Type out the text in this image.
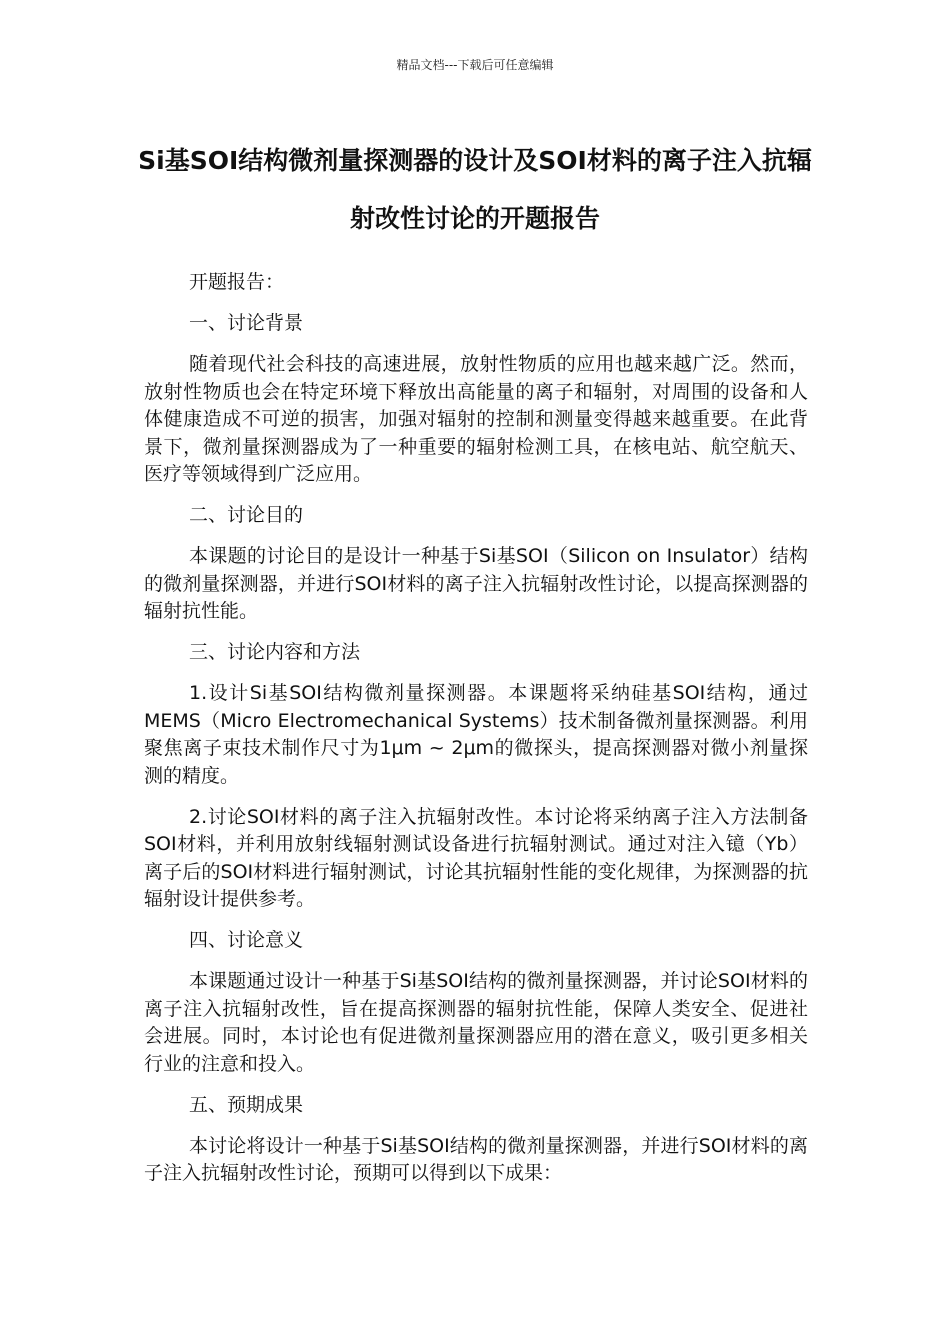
精品文档---下载后可任意编辑
Si基SOI结构微剂量探测器的设计及SOI材料的离子注入抗辐射改性讨论的开题报告

开题报告：

一、讨论背景

随着现代社会科技的高速进展，放射性物质的应用也越来越广泛。然而，放射性物质也会在特定环境下释放出高能量的离子和辐射，对周围的设备和人体健康造成不可逆的损害，加强对辐射的控制和测量变得越来越重要。在此背景下，微剂量探测器成为了一种重要的辐射检测工具，在核电站、航空航天、医疗等领域得到广泛应用。

二、讨论目的

本课题的讨论目的是设计一种基于Si基SOI（Silicon on Insulator）结构的微剂量探测器，并进行SOI材料的离子注入抗辐射改性讨论，以提高探测器的辐射抗性能。

三、讨论内容和方法

1.设计Si基SOI结构微剂量探测器。本课题将采纳硅基SOI结构，通过MEMS（Micro Electromechanical Systems）技术制备微剂量探测器。利用聚焦离子束技术制作尺寸为1μm ~ 2μm的微探头，提高探测器对微小剂量探测的精度。

2.讨论SOI材料的离子注入抗辐射改性。本讨论将采纳离子注入方法制备SOI材料，并利用放射线辐射测试设备进行抗辐射测试。通过对注入镱（Yb）离子后的SOI材料进行辐射测试，讨论其抗辐射性能的变化规律，为探测器的抗辐射设计提供参考。

四、讨论意义

本课题通过设计一种基于Si基SOI结构的微剂量探测器，并讨论SOI材料的离子注入抗辐射改性，旨在提高探测器的辐射抗性能，保障人类安全、促进社会进展。同时，本讨论也有促进微剂量探测器应用的潜在意义，吸引更多相关行业的注意和投入。

五、预期成果

本讨论将设计一种基于Si基SOI结构的微剂量探测器，并进行SOI材料的离子注入抗辐射改性讨论，预期可以得到以下成果：
